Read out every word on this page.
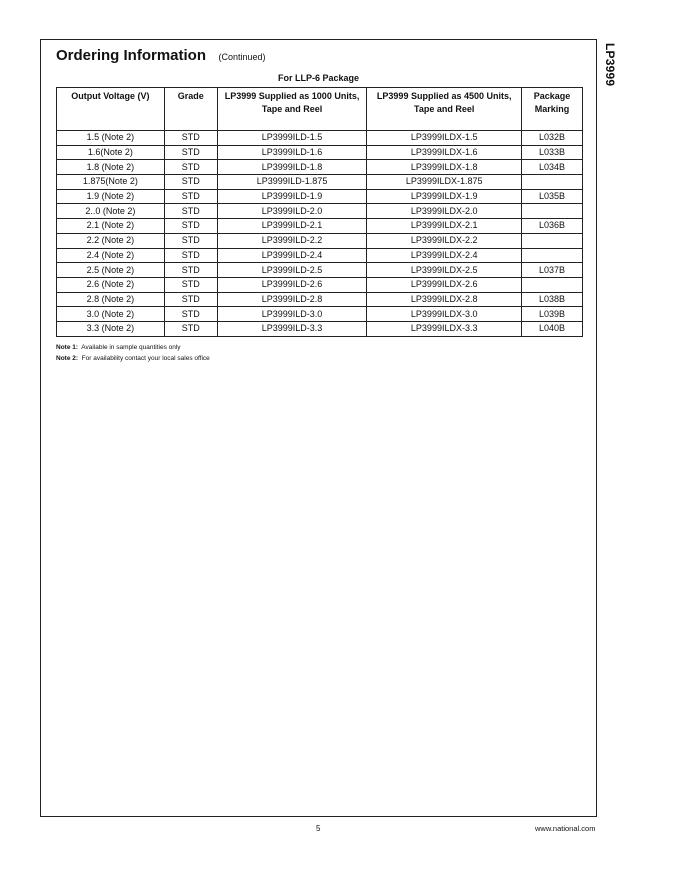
Ordering Information (Continued)
For LLP-6 Package
Output Voltage (V)	Grade	LP3999 Supplied as 1000 Units, Tape and Reel	LP3999 Supplied as 4500 Units, Tape and Reel	Package Marking
1.5 (Note 2)	STD	LP3999ILD-1.5	LP3999ILDX-1.5	L032B
1.6(Note 2)	STD	LP3999ILD-1.6	LP3999ILDX-1.6	L033B
1.8 (Note 2)	STD	LP3999ILD-1.8	LP3999ILDX-1.8	L034B
1.875(Note 2)	STD	LP3999ILD-1.875	LP3999ILDX-1.875	
1.9 (Note 2)	STD	LP3999ILD-1.9	LP3999ILDX-1.9	L035B
2..0 (Note 2)	STD	LP3999ILD-2.0	LP3999ILDX-2.0	
2.1 (Note 2)	STD	LP3999ILD-2.1	LP3999ILDX-2.1	L036B
2.2 (Note 2)	STD	LP3999ILD-2.2	LP3999ILDX-2.2	
2.4 (Note 2)	STD	LP3999ILD-2.4	LP3999ILDX-2.4	
2.5 (Note 2)	STD	LP3999ILD-2.5	LP3999ILDX-2.5	L037B
2.6 (Note 2)	STD	LP3999ILD-2.6	LP3999ILDX-2.6	
2.8 (Note 2)	STD	LP3999ILD-2.8	LP3999ILDX-2.8	L038B
3.0 (Note 2)	STD	LP3999ILD-3.0	LP3999ILDX-3.0	L039B
3.3 (Note 2)	STD	LP3999ILD-3.3	LP3999ILDX-3.3	L040B
Note 1: Available in sample quantities only
Note 2: For availability contact your local sales office
LP3999
5	www.national.com
